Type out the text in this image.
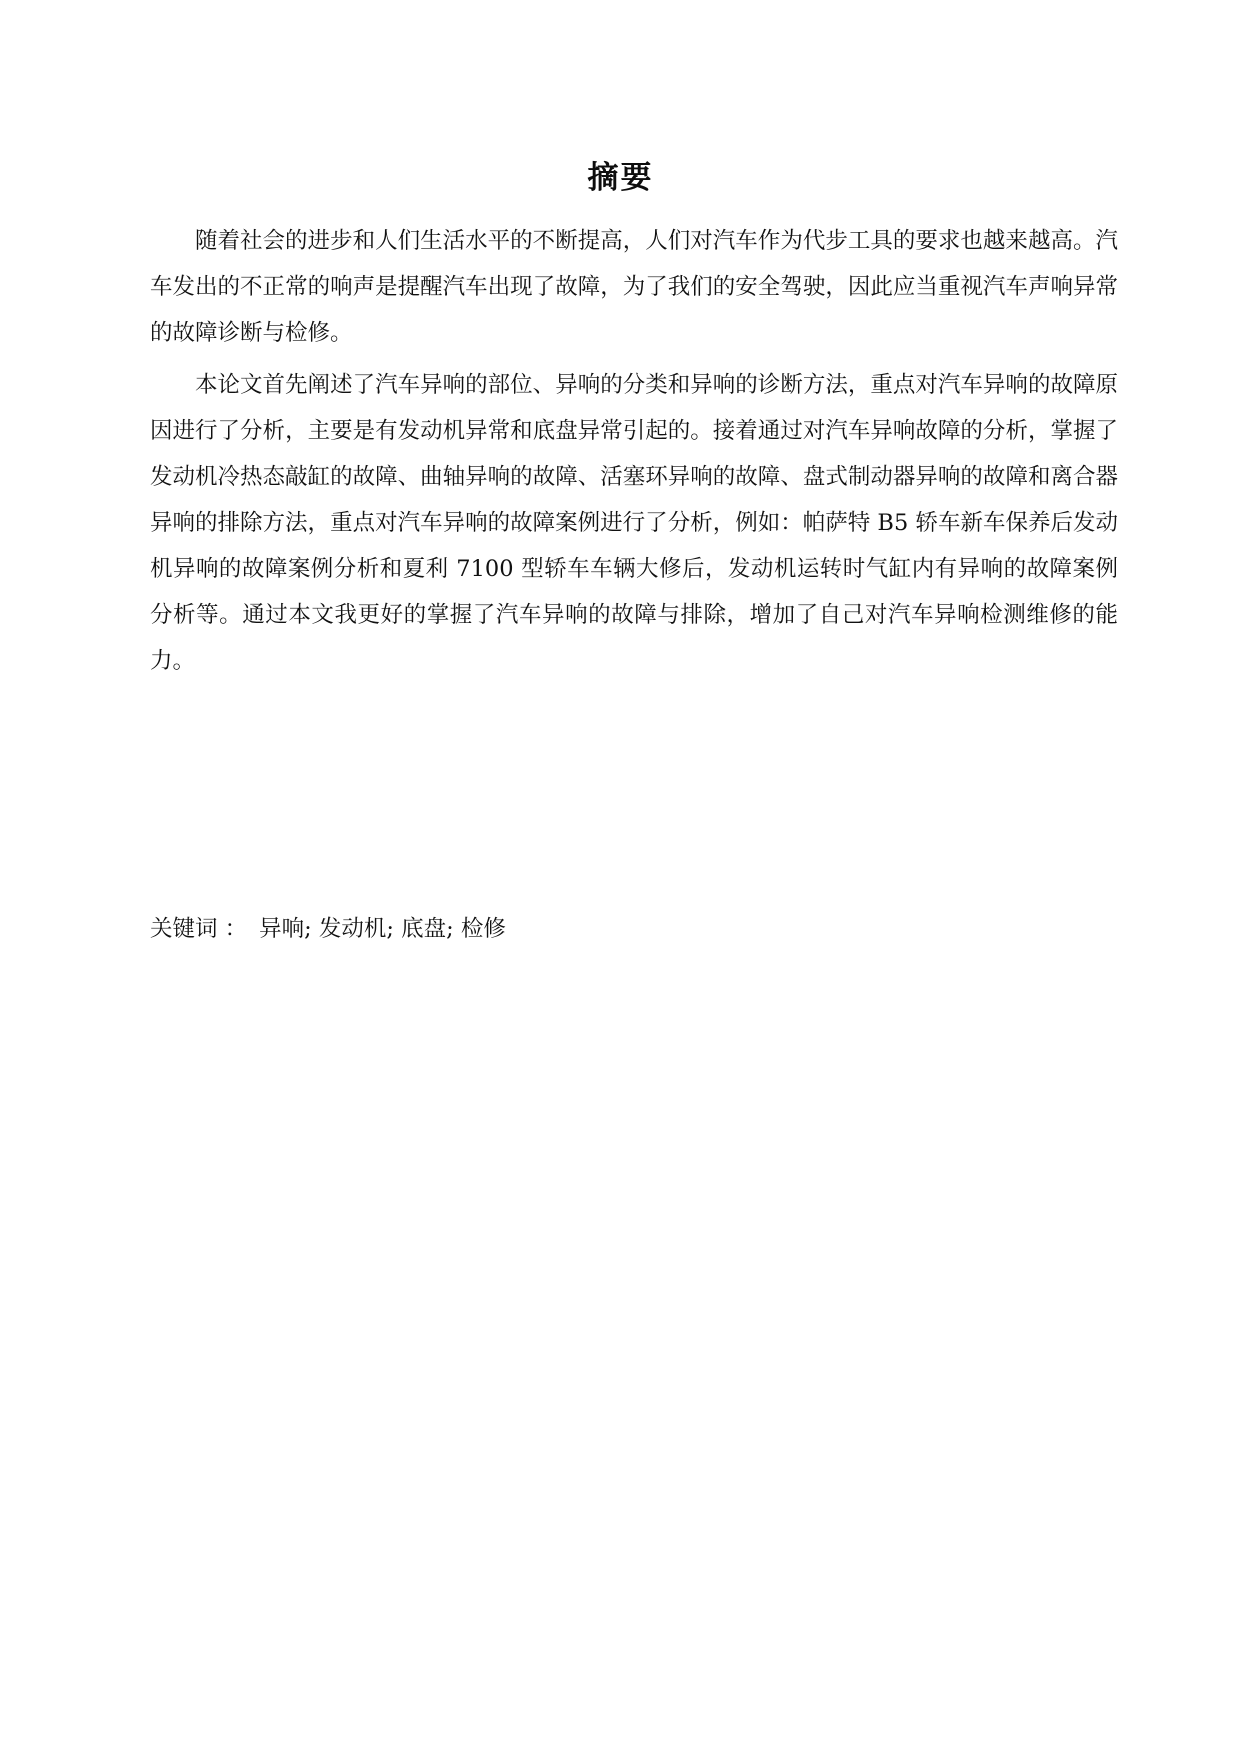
摘要

随着社会的进步和人们生活水平的不断提高，人们对汽车作为代步工具的要求也越来越高。汽车发出的不正常的响声是提醒汽车出现了故障，为了我们的安全驾驶，因此应当重视汽车声响异常的故障诊断与检修。

本论文首先阐述了汽车异响的部位、异响的分类和异响的诊断方法，重点对汽车异响的故障原因进行了分析，主要是有发动机异常和底盘异常引起的。接着通过对汽车异响故障的分析，掌握了发动机冷热态敲缸的故障、曲轴异响的故障、活塞环异响的故障、盘式制动器异响的故障和离合器异响的排除方法，重点对汽车异响的故障案例进行了分析，例如：帕萨特 B5 轿车新车保养后发动机异响的故障案例分析和夏利 7100 型轿车车辆大修后，发动机运转时气缸内有异响的故障案例分析等。通过本文我更好的掌握了汽车异响的故障与排除，增加了自己对汽车异响检测维修的能力。

关键词 ： 异响; 发动机; 底盘; 检修
